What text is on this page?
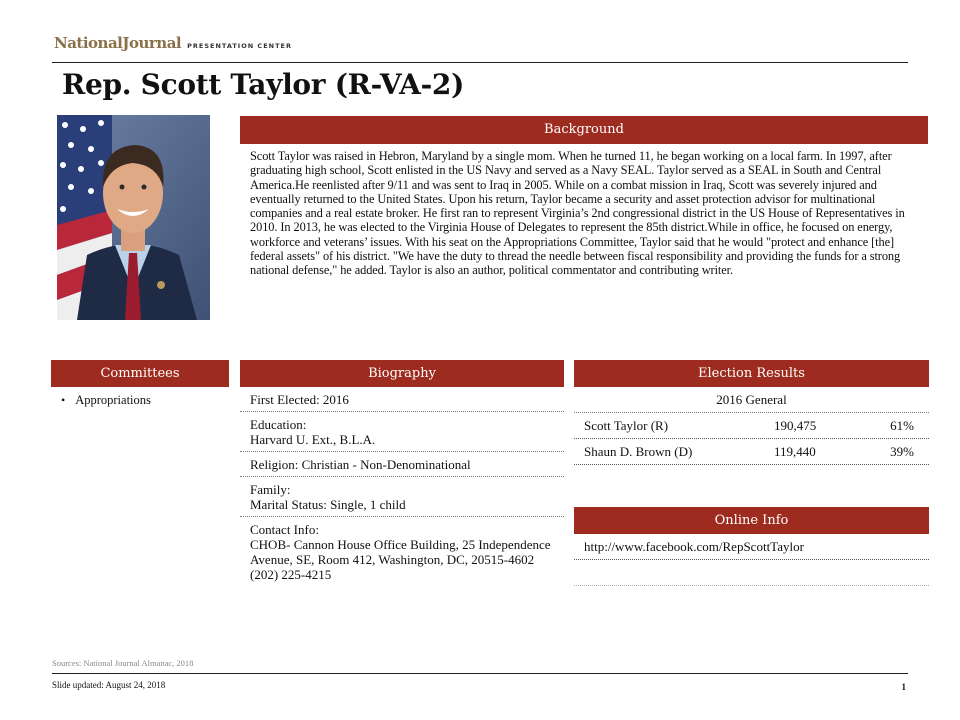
NationalJournal PRESENTATION CENTER
Rep. Scott Taylor (R-VA-2)
Background

Scott Taylor was raised in Hebron, Maryland by a single mom. When he turned 11, he began working on a local farm. In 1997, after graduating high school, Scott enlisted in the US Navy and served as a Navy SEAL. Taylor served as a SEAL in South and Central America.He reenlisted after 9/11 and was sent to Iraq in 2005. While on a combat mission in Iraq, Scott was severely injured and eventually returned to the United States. Upon his return, Taylor became a security and asset protection advisor for multinational companies and a real estate broker. He first ran to represent Virginia’s 2nd congressional district in the US House of Representatives in 2010. In 2013, he was elected to the Virginia House of Delegates to represent the 85th district.While in office, he focused on energy, workforce and veterans’ issues. With his seat on the Appropriations Committee, Taylor said that he would "protect and enhance [the] federal assets" of his district. "We have the duty to thread the needle between fiscal responsibility and providing the funds for a strong national defense," he added. Taylor is also an author, political commentator and contributing writer.

Committees
• Appropriations
Biography
First Elected: 2016
Education:
Harvard U. Ext., B.L.A.
Religion: Christian - Non-Denominational
Family:
Marital Status: Single, 1 child
Contact Info:
CHOB- Cannon House Office Building, 25 Independence Avenue, SE, Room 412, Washington, DC, 20515-4602
(202) 225-4215
Election Results
2016 General
Scott Taylor (R)	190,475	61%
Shaun D. Brown (D)	119,440	39%
Online Info
http://www.facebook.com/RepScottTaylor
Sources: National Journal Almanac, 2018
Slide updated: August 24, 2018	1
